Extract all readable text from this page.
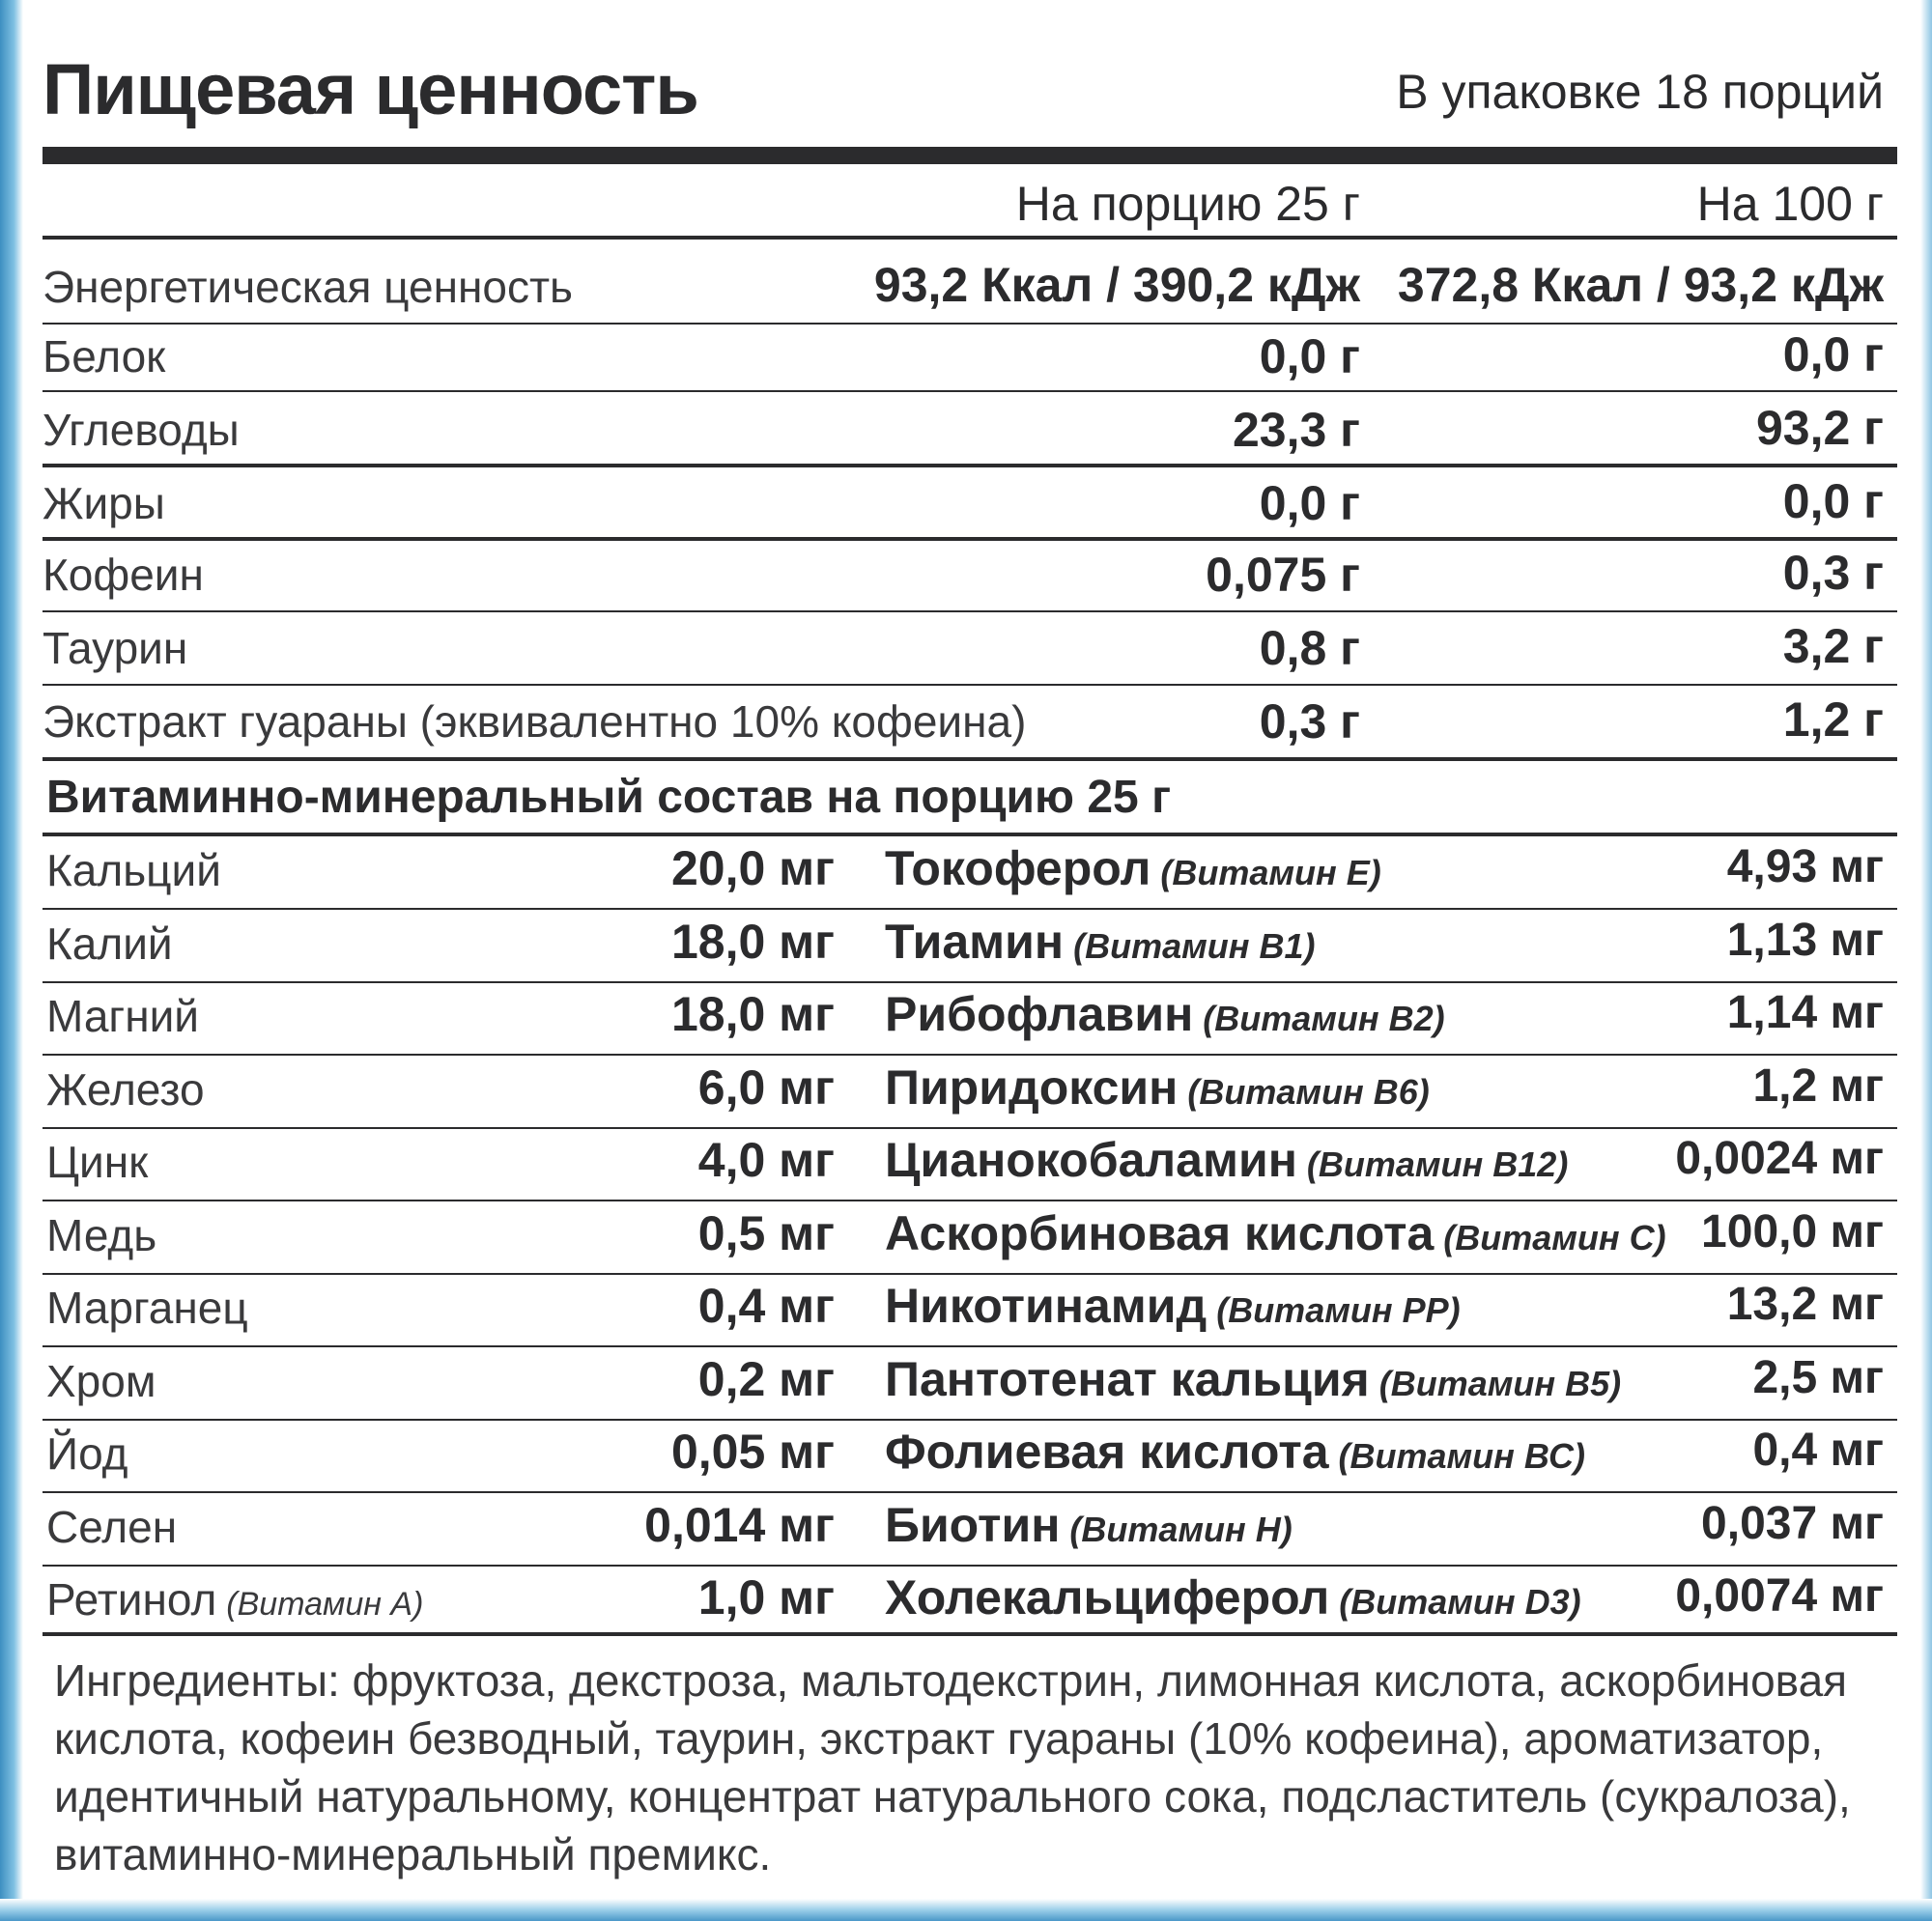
Пищевая ценность	В упаковке 18 порций
На порцию 25 г	На 100 г
Энергетическая ценность	93,2 Ккал / 390,2 кДж 372,8 Ккал / 93,2 кДж
Белок	0,0 г	0,0 г
Углеводы	23,3 г	93,2 г
Жиры	0,0 г	0,0 г
Кофеин	0,075 г	0,3 г
Таурин	0,8 г	3,2 г
Экстракт гуараны (эквивалентно 10% кофеина)	0,3 г	1,2 г
Витаминно-минеральный состав на порцию 25 г
Кальций	20,0 мг Токоферол (Витамин Е)	4,93 мг
Калий	18,0 мг Тиамин (Витамин В1)	1,13 мг
Магний	18,0 мг Рибофлавин (Витамин В2)	1,14 мг
Железо	6,0 мг Пиридоксин (Витамин В6)	1,2 мг
Цинк	4,0 мг Цианокобаламин (Витамин В12) 0,0024 мг
Медь	0,5 мг Аскорбиновая кислота (Витамин С) 100,0 мг
Марганец	0,4 мг Никотинамид (Витамин РР)	13,2 мг
Хром	0,2 мг Пантотенат кальция (Витамин В5)	2,5 мг
Йод	0,05 мг Фолиевая кислота (Витамин ВС)	0,4 мг
Селен	0,014 мг Биотин (Витамин Н)	0,037 мг
Ретинол (Витамин А)	1,0 мг Холекальциферол (Витамин D3) 0,0074 мг
Ингредиенты: фруктоза, декстроза, мальтодекстрин, лимонная кислота, аскорбиновая кислота, кофеин безводный, таурин, экстракт гуараны (10% кофеина), ароматизатор, идентичный натуральному, концентрат натурального сока, подсластитель (сукралоза), витаминно-минеральный премикс.
